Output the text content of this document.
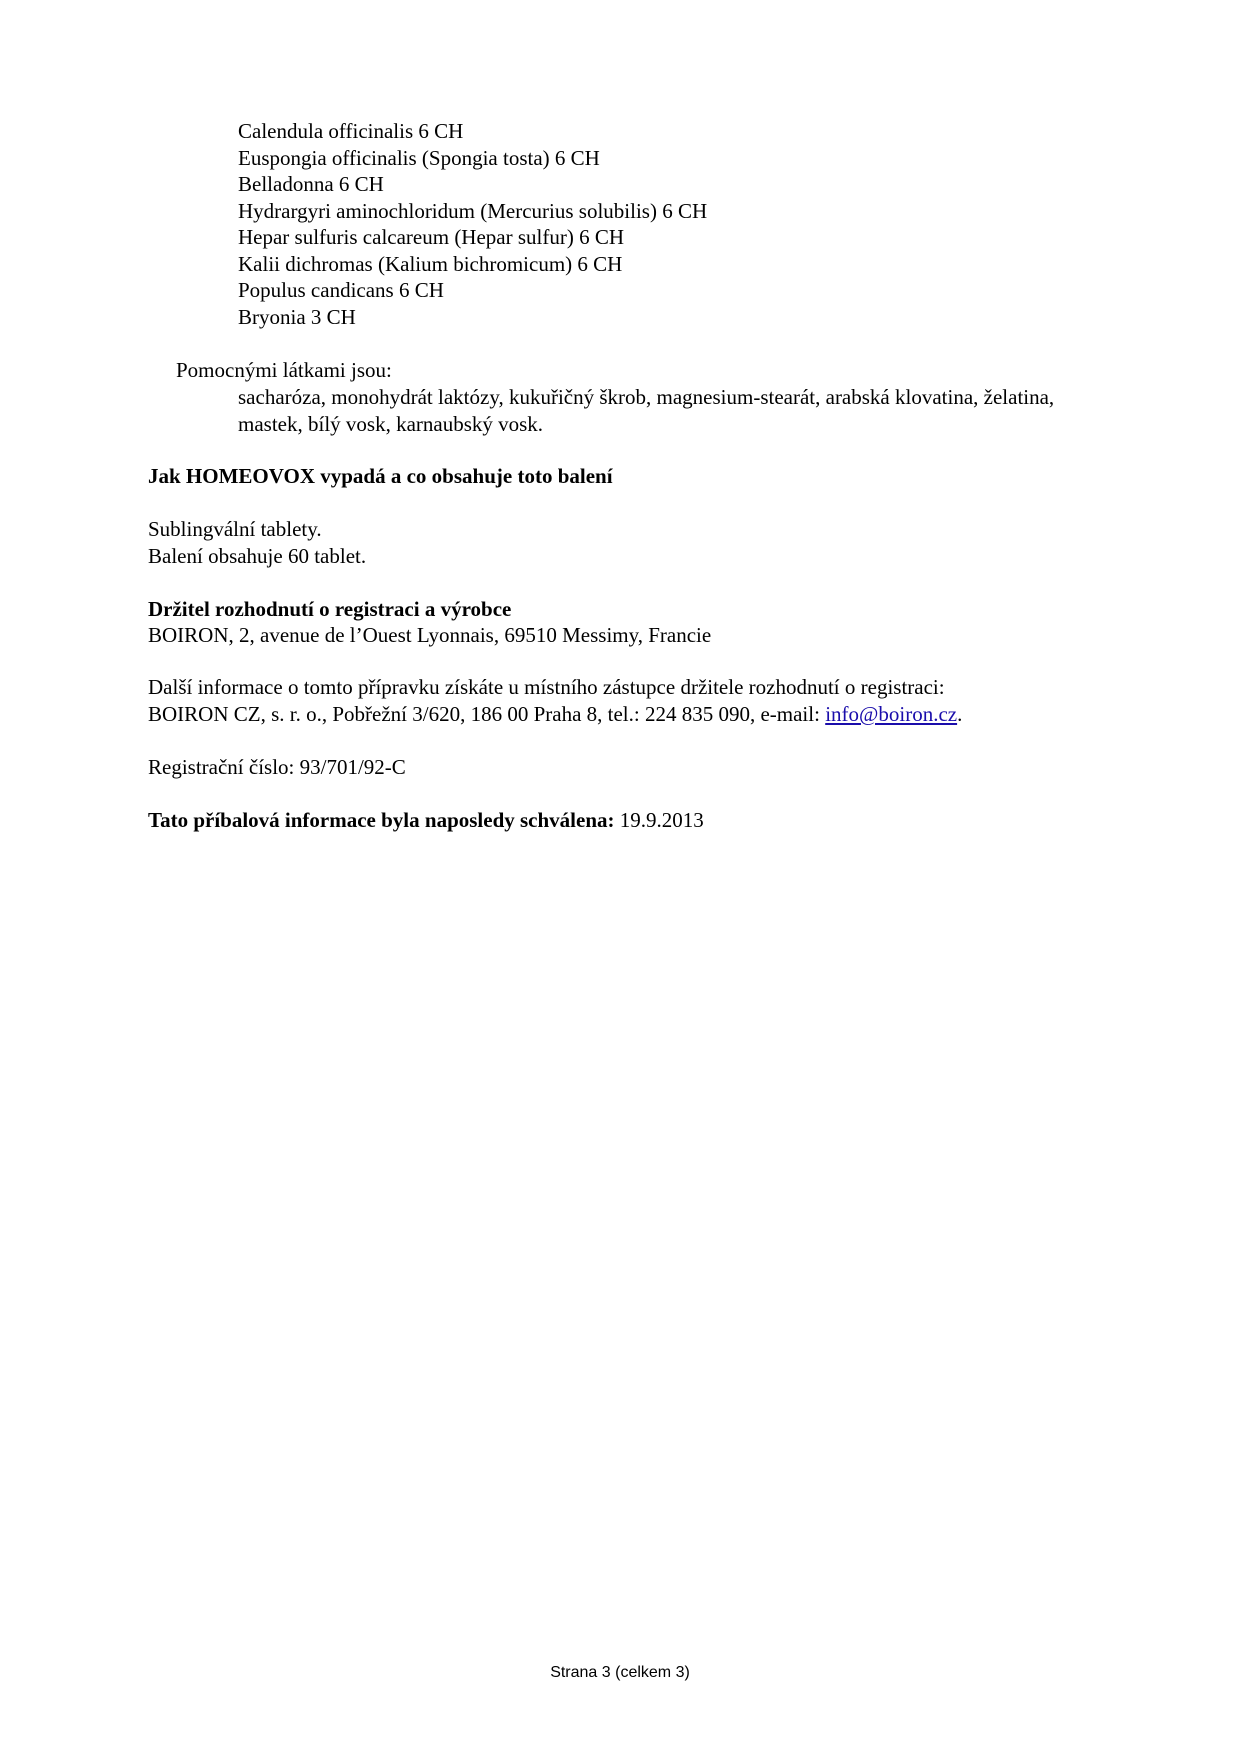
Calendula officinalis 6 CH
Euspongia officinalis (Spongia tosta) 6 CH
Belladonna 6 CH
Hydrargyri aminochloridum (Mercurius solubilis) 6 CH
Hepar sulfuris calcareum (Hepar sulfur) 6 CH
Kalii dichromas (Kalium bichromicum) 6 CH
Populus candicans 6 CH
Bryonia 3 CH
Pomocnými látkami jsou:
sacharóza, monohydrát laktózy, kukuřičný škrob, magnesium-stearát, arabská klovatina, želatina, mastek, bílý vosk, karnaubský vosk.
Jak HOMEOVOX vypadá a co obsahuje toto balení
Sublingvální tablety.
Balení obsahuje 60 tablet.
Držitel rozhodnutí o registraci a výrobce
BOIRON, 2, avenue de l’Ouest Lyonnais, 69510 Messimy, Francie
Další informace o tomto přípravku získáte u místního zástupce držitele rozhodnutí o registraci:
BOIRON CZ, s. r. o., Pobřežní 3/620, 186 00 Praha 8, tel.: 224 835 090, e-mail: info@boiron.cz.
Registrační číslo: 93/701/92-C
Tato příbalová informace byla naposledy schválena: 19.9.2013
Strana 3 (celkem 3)
